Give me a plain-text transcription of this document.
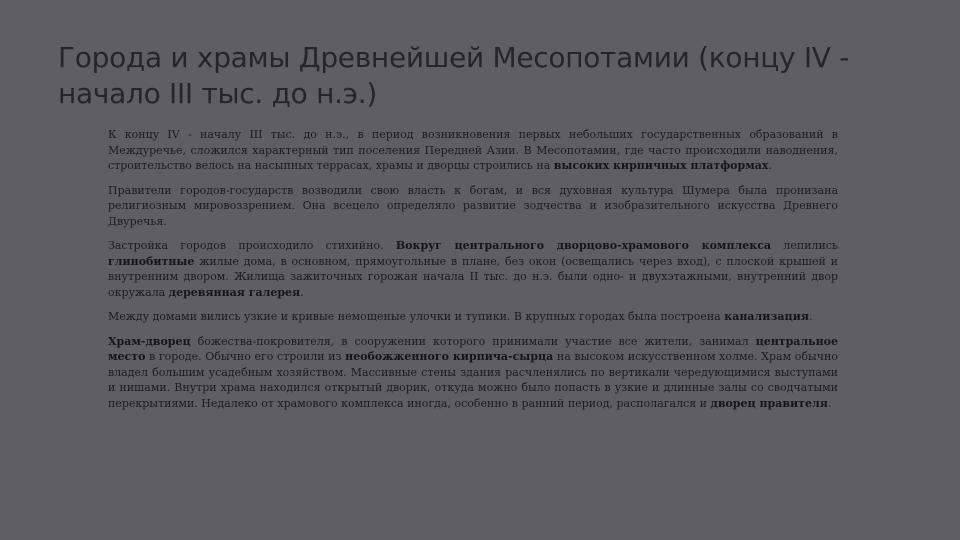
Города и храмы Древнейшей Месопотамии (концу IV - начало III тыс. до н.э.)

К концу IV - началу III тыс. до н.э., в период возникновения первых небольших государственных образований в Междуречье, сложился характерный тип поселения Передней Азии. В Месопотамии, где часто происходили наводнения, строительство велось на насыпных террасах, храмы и дворцы строились на высоких кирпичных платформах.

Правители городов-государств возводили свою власть к богам, и вся духовная культура Шумера была пронизана религиозным мировоззрением. Она всецело определяло развитие зодчества и изобразительного искусства Древнего Двуречья.

Застройка городов происходило стихийно. Вокруг центрального дворцово-храмового комплекса лепились глинобитные жилые дома, в основном, прямоугольные в плане, без окон (освещались через вход), с плоской крышей и внутренним двором. Жилища зажиточных горожан начала II тыс. до н.э. были одно- и двухэтажными, внутренний двор окружала деревянная галерея.

Между домами вились узкие и кривые немощеные улочки и тупики. В крупных городах была построена канализация.

Храм-дворец божества-покровителя, в сооружении которого принимали участие все жители, занимал центральное место в городе. Обычно его строили из необожженного кирпича-сырца на высоком искусственном холме. Храм обычно владел большим усадебным хозяйством. Массивные стены здания расчленялись по вертикали чередующимися выступами и нишами. Внутри храма находился открытый дворик, откуда можно было попасть в узкие и длинные залы со сводчатыми перекрытиями. Недалеко от храмового комплекса иногда, особенно в ранний период, располагался и дворец правителя.
